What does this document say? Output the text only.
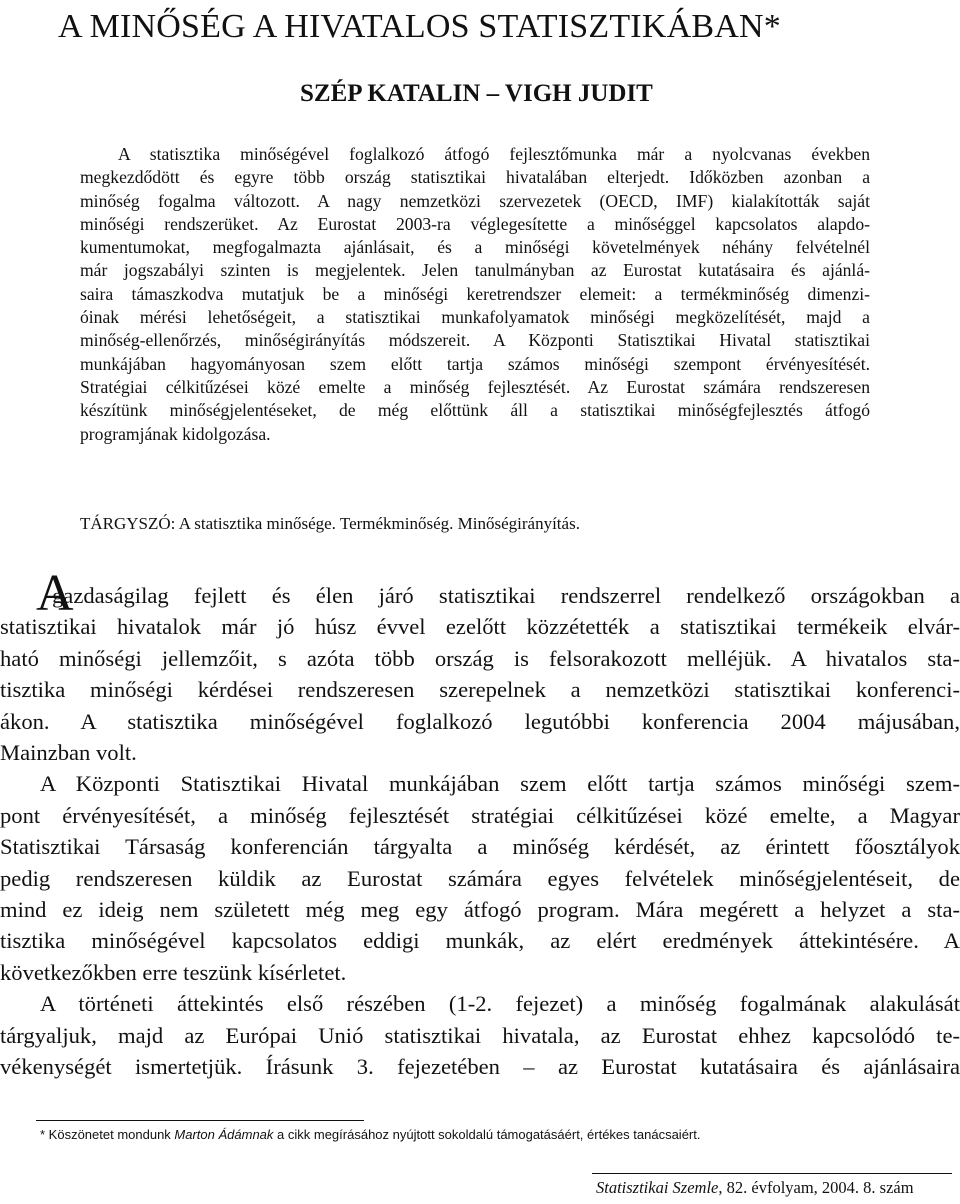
A MINŐSÉG A HIVATALOS STATISZTIKÁBAN*
SZÉP KATALIN – VIGH JUDIT
A statisztika minőségével foglalkozó átfogó fejlesztőmunka már a nyolcvanas években
megkezdődött és egyre több ország statisztikai hivatalában elterjedt. Időközben azonban a
minőség fogalma változott. A nagy nemzetközi szervezetek (OECD, IMF) kialakították saját
minőségi rendszerüket. Az Eurostat 2003-ra véglegesítette a minőséggel kapcsolatos alapdo-
kumentumokat, megfogalmazta ajánlásait, és a minőségi követelmények néhány felvételnél
már jogszabályi szinten is megjelentek. Jelen tanulmányban az Eurostat kutatásaira és ajánlá-
saira támaszkodva mutatjuk be a minőségi keretrendszer elemeit: a termékminőség dimenzi-
óinak mérési lehetőségeit, a statisztikai munkafolyamatok minőségi megközelítését, majd a
minőség-ellenőrzés, minőségirányítás módszereit. A Központi Statisztikai Hivatal statisztikai
munkájában hagyományosan szem előtt tartja számos minőségi szempont érvényesítését.
Stratégiai célkitűzései közé emelte a minőség fejlesztését. Az Eurostat számára rendszeresen
készítünk minőségjelentéseket, de még előttünk áll a statisztikai minőségfejlesztés átfogó
programjának kidolgozása.
TÁRGYSZÓ: A statisztika minősége. Termékminőség. Minőségirányítás.
A
gazdaságilag fejlett és élen járó statisztikai rendszerrel rendelkező országokban a
statisztikai hivatalok már jó húsz évvel ezelőtt közzétették a statisztikai termékeik elvár-
ható minőségi jellemzőit, s azóta több ország is felsorakozott melléjük. A hivatalos sta-
tisztika minőségi kérdései rendszeresen szerepelnek a nemzetközi statisztikai konferenci-
ákon. A statisztika minőségével foglalkozó legutóbbi konferencia 2004 májusában,
Mainzban volt.
A Központi Statisztikai Hivatal munkájában szem előtt tartja számos minőségi szem-
pont érvényesítését, a minőség fejlesztését stratégiai célkitűzései közé emelte, a Magyar
Statisztikai Társaság konferencián tárgyalta a minőség kérdését, az érintett főosztályok
pedig rendszeresen küldik az Eurostat számára egyes felvételek minőségjelentéseit, de
mind ez ideig nem született még meg egy átfogó program. Mára megérett a helyzet a sta-
tisztika minőségével kapcsolatos eddigi munkák, az elért eredmények áttekintésére. A
következőkben erre teszünk kísérletet.
A történeti áttekintés első részében (1-2. fejezet) a minőség fogalmának alakulását
tárgyaljuk, majd az Európai Unió statisztikai hivatala, az Eurostat ehhez kapcsolódó te-
vékenységét ismertetjük. Írásunk 3. fejezetében – az Eurostat kutatásaira és ajánlásaira
* Köszönetet mondunk Marton Ádámnak a cikk megírásához nyújtott sokoldalú támogatásáért, értékes tanácsaiért.
Statisztikai Szemle, 82. évfolyam, 2004. 8. szám
